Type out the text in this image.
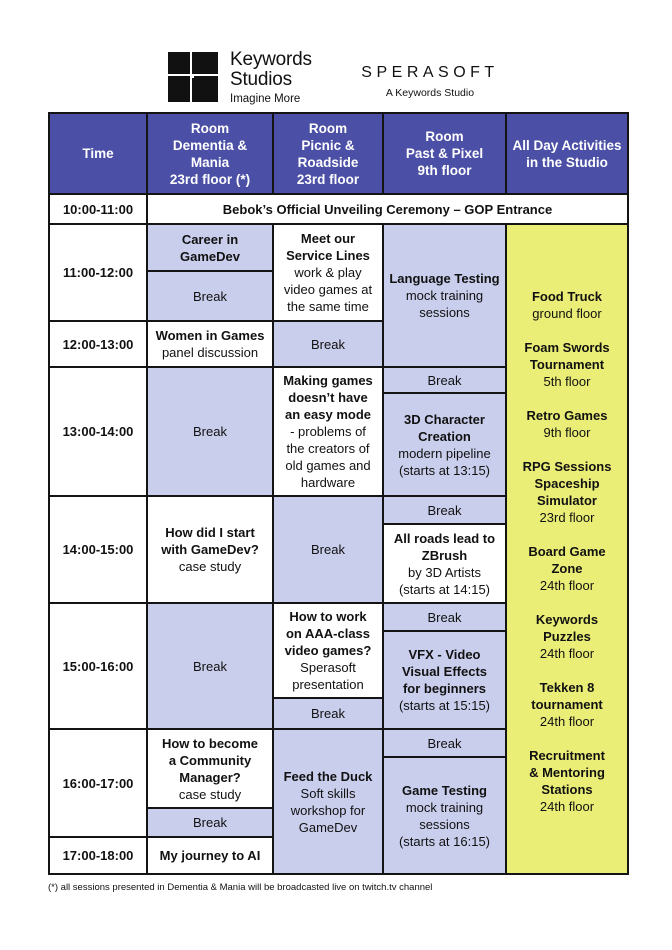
Keywords
Studios
Imagine More
SPERASOFT
A Keywords Studio
Time
Room
Dementia & Mania
23rd floor (*)
Room
Picnic &
Roadside
23rd floor
Room
Past & Pixel
9th floor
All Day Activities
in the Studio
10:00-11:00	Bebok’s Official Unveiling Ceremony – GOP Entrance
11:00-12:00
12:00-13:00
13:00-14:00
14:00-15:00
15:00-16:00
16:00-17:00
17:00-18:00
Career in
GameDev
Break
Women in Games
panel discussion
Break
How did I start
with GameDev?
case study
Break
How to become
a Community
Manager?
case study
Break
My journey to AI
Meet our
Service Lines
work & play
video games at
the same time
Break
Making games
doesn’t have
an easy mode
- problems of
the creators of
old games and
hardware
Break
How to work
on AAA-class
video games?
Sperasoft
presentation
Break
Feed the Duck
Soft skills
workshop for
GameDev
Language Testing
mock training
sessions
Break
3D Character
Creation
modern pipeline
(starts at 13:15)
Break
All roads lead to
ZBrush
by 3D Artists
(starts at 14:15)
Break
VFX - Video
Visual Effects
for beginners
(starts at 15:15)
Break
Game Testing
mock training
sessions
(starts at 16:15)
Food Truck
ground floor
Foam Swords
Tournament
5th floor
Retro Games
9th floor
RPG Sessions
Spaceship
Simulator
23rd floor
Board Game
Zone
24th floor
Keywords
Puzzles
24th floor
Tekken 8
tournament
24th floor
Recruitment
& Mentoring
Stations
24th floor
(*) all sessions presented in Dementia & Mania will be broadcasted live on twitch.tv channel
